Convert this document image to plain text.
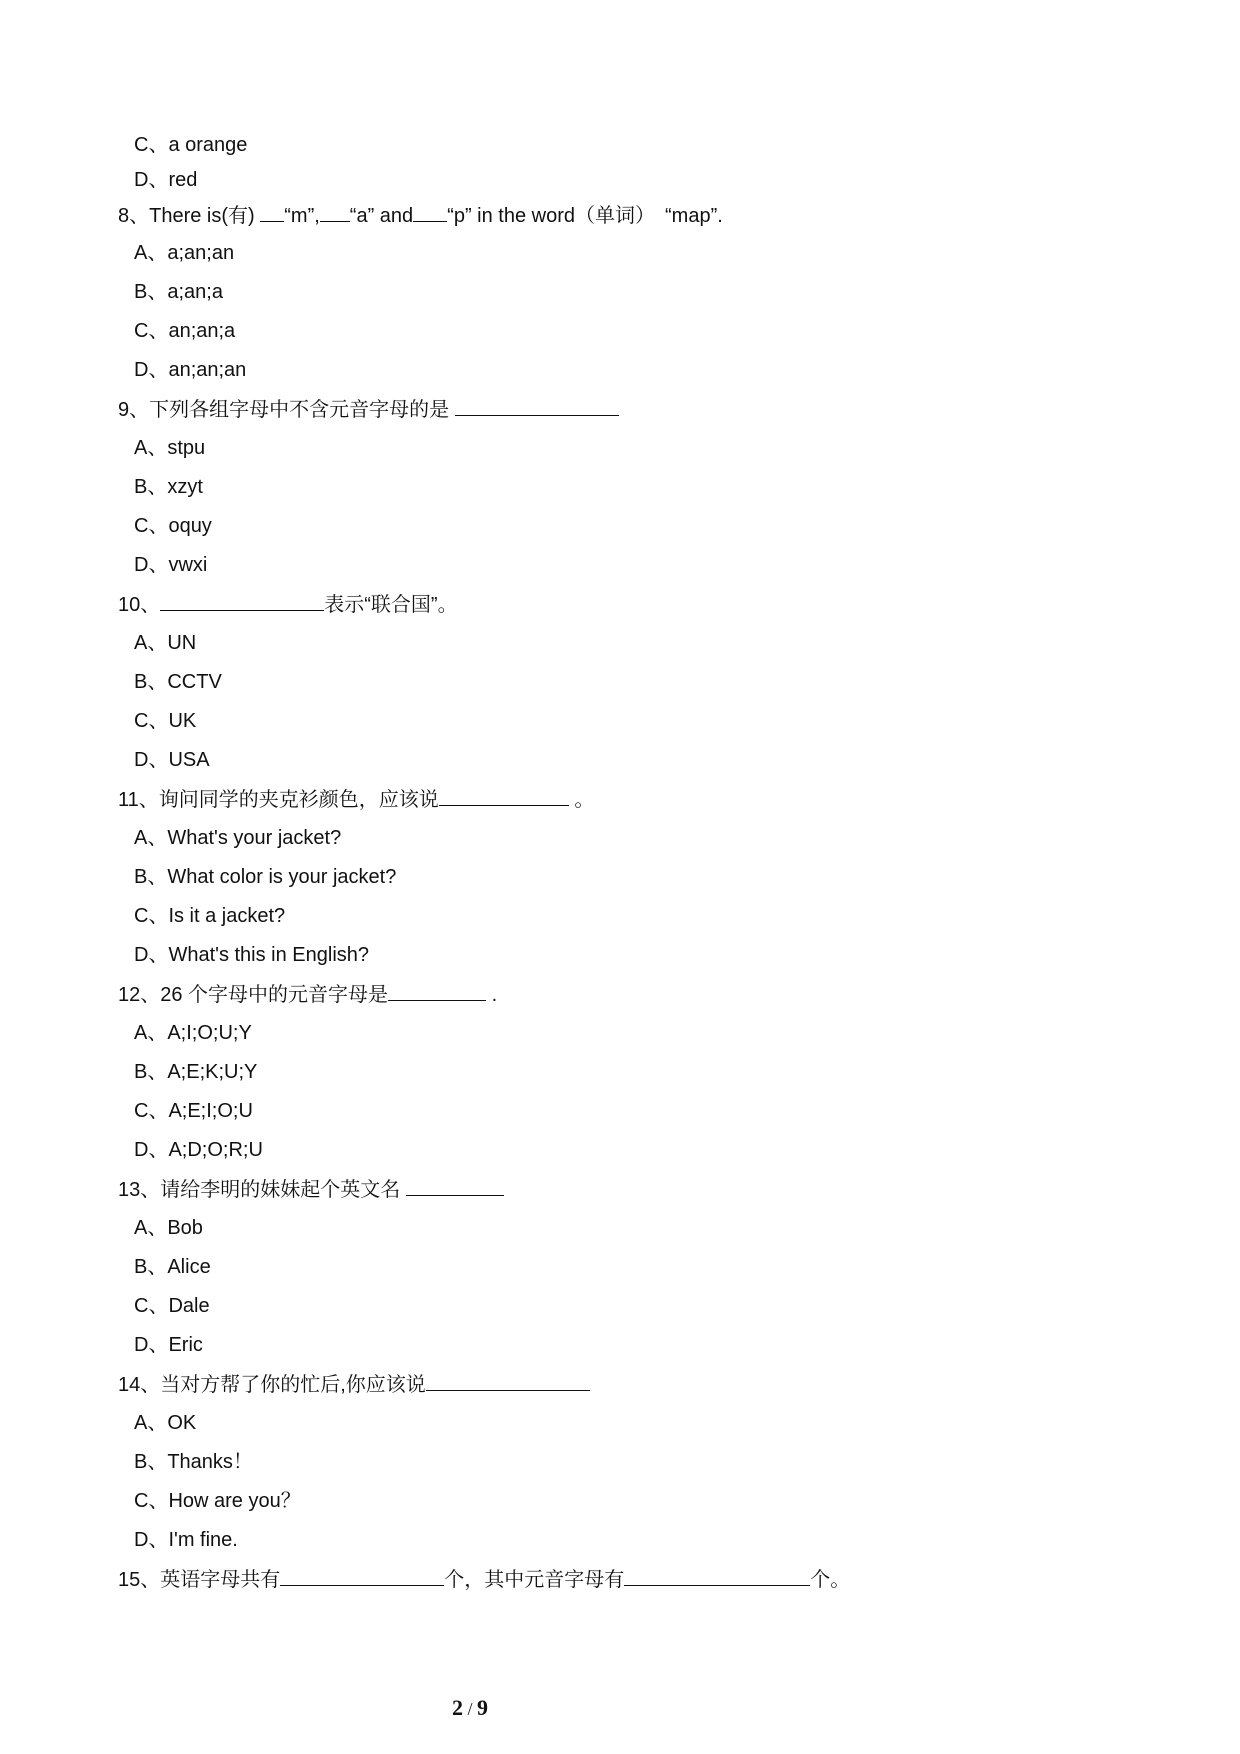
C、a orange
D、red
8、There is(有) “m”, “a” and “p” in the word（单词）　“map”.
A、a;an;an
B、a;an;a
C、an;an;a
D、an;an;an
9、下列各组字母中不含元音字母的是
A、stpu
B、xzyt
C、oquy
D、vwxi
10、	表示“联合国”。
A、UN
B、CCTV
C、UK
D、USA
11、询问同学的夹克衫颜色，应该说	。
A、What's your jacket?
B、What color is your jacket?
C、Is it a jacket?
D、What's this in English?
12、26 个字母中的元音字母是	.
A、A;I;O;U;Y
B、A;E;K;U;Y
C、A;E;I;O;U
D、A;D;O;R;U
13、请给李明的妹妹起个英文名
A、Bob
B、Alice
C、Dale
D、Eric
14、当对方帮了你的忙后,你应该说
A、OK
B、Thanks！
C、How are you？
D、I'm fine.
15、英语字母共有	个，其中元音字母有	个。
2 / 9
